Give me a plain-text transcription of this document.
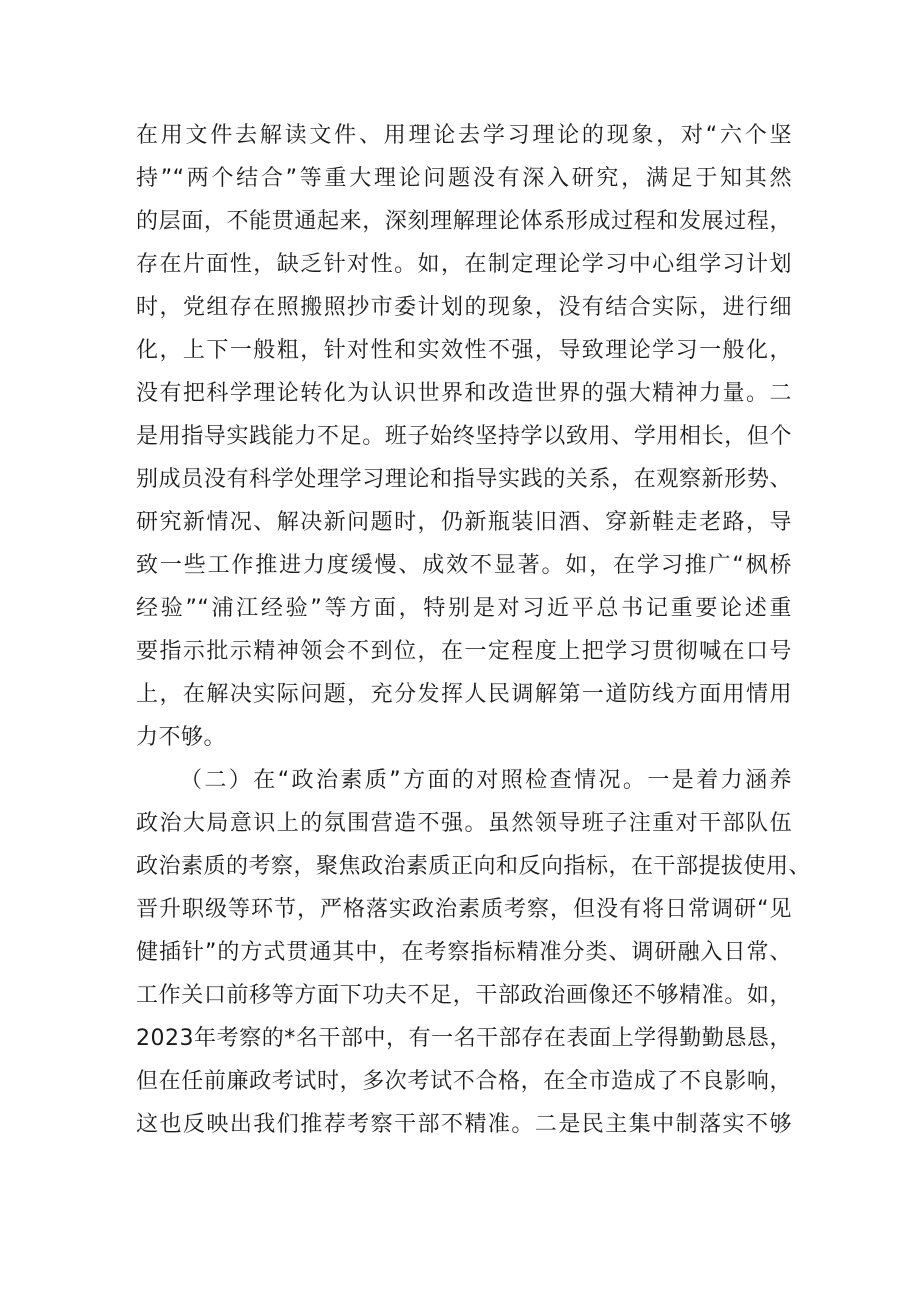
在用文件去解读文件、用理论去学习理论的现象，对“六个坚
持”“两个结合”等重大理论问题没有深入研究，满足于知其然
的层面，不能贯通起来，深刻理解理论体系形成过程和发展过程，
存在片面性，缺乏针对性。如，在制定理论学习中心组学习计划
时，党组存在照搬照抄市委计划的现象，没有结合实际，进行细
化，上下一般粗，针对性和实效性不强，导致理论学习一般化，
没有把科学理论转化为认识世界和改造世界的强大精神力量。二
是用指导实践能力不足。班子始终坚持学以致用、学用相长，但个
别成员没有科学处理学习理论和指导实践的关系，在观察新形势、
研究新情况、解决新问题时，仍新瓶装旧酒、穿新鞋走老路，导
致一些工作推进力度缓慢、成效不显著。如，在学习推广“枫桥
经验”“浦江经验”等方面，特别是对习近平总书记重要论述重
要指示批示精神领会不到位，在一定程度上把学习贯彻喊在口号
上，在解决实际问题，充分发挥人民调解第一道防线方面用情用
力不够。
（二）在“政治素质”方面的对照检查情况。一是着力涵养
政治大局意识上的氛围营造不强。虽然领导班子注重对干部队伍
政治素质的考察，聚焦政治素质正向和反向指标，在干部提拔使用、
晋升职级等环节，严格落实政治素质考察，但没有将日常调研“见
健插针”的方式贯通其中，在考察指标精准分类、调研融入日常、
工作关口前移等方面下功夫不足，干部政治画像还不够精准。如，
2023年考察的*名干部中，有一名干部存在表面上学得勤勤恳恳，
但在任前廉政考试时，多次考试不合格，在全市造成了不良影响，
这也反映出我们推荐考察干部不精准。二是民主集中制落实不够
